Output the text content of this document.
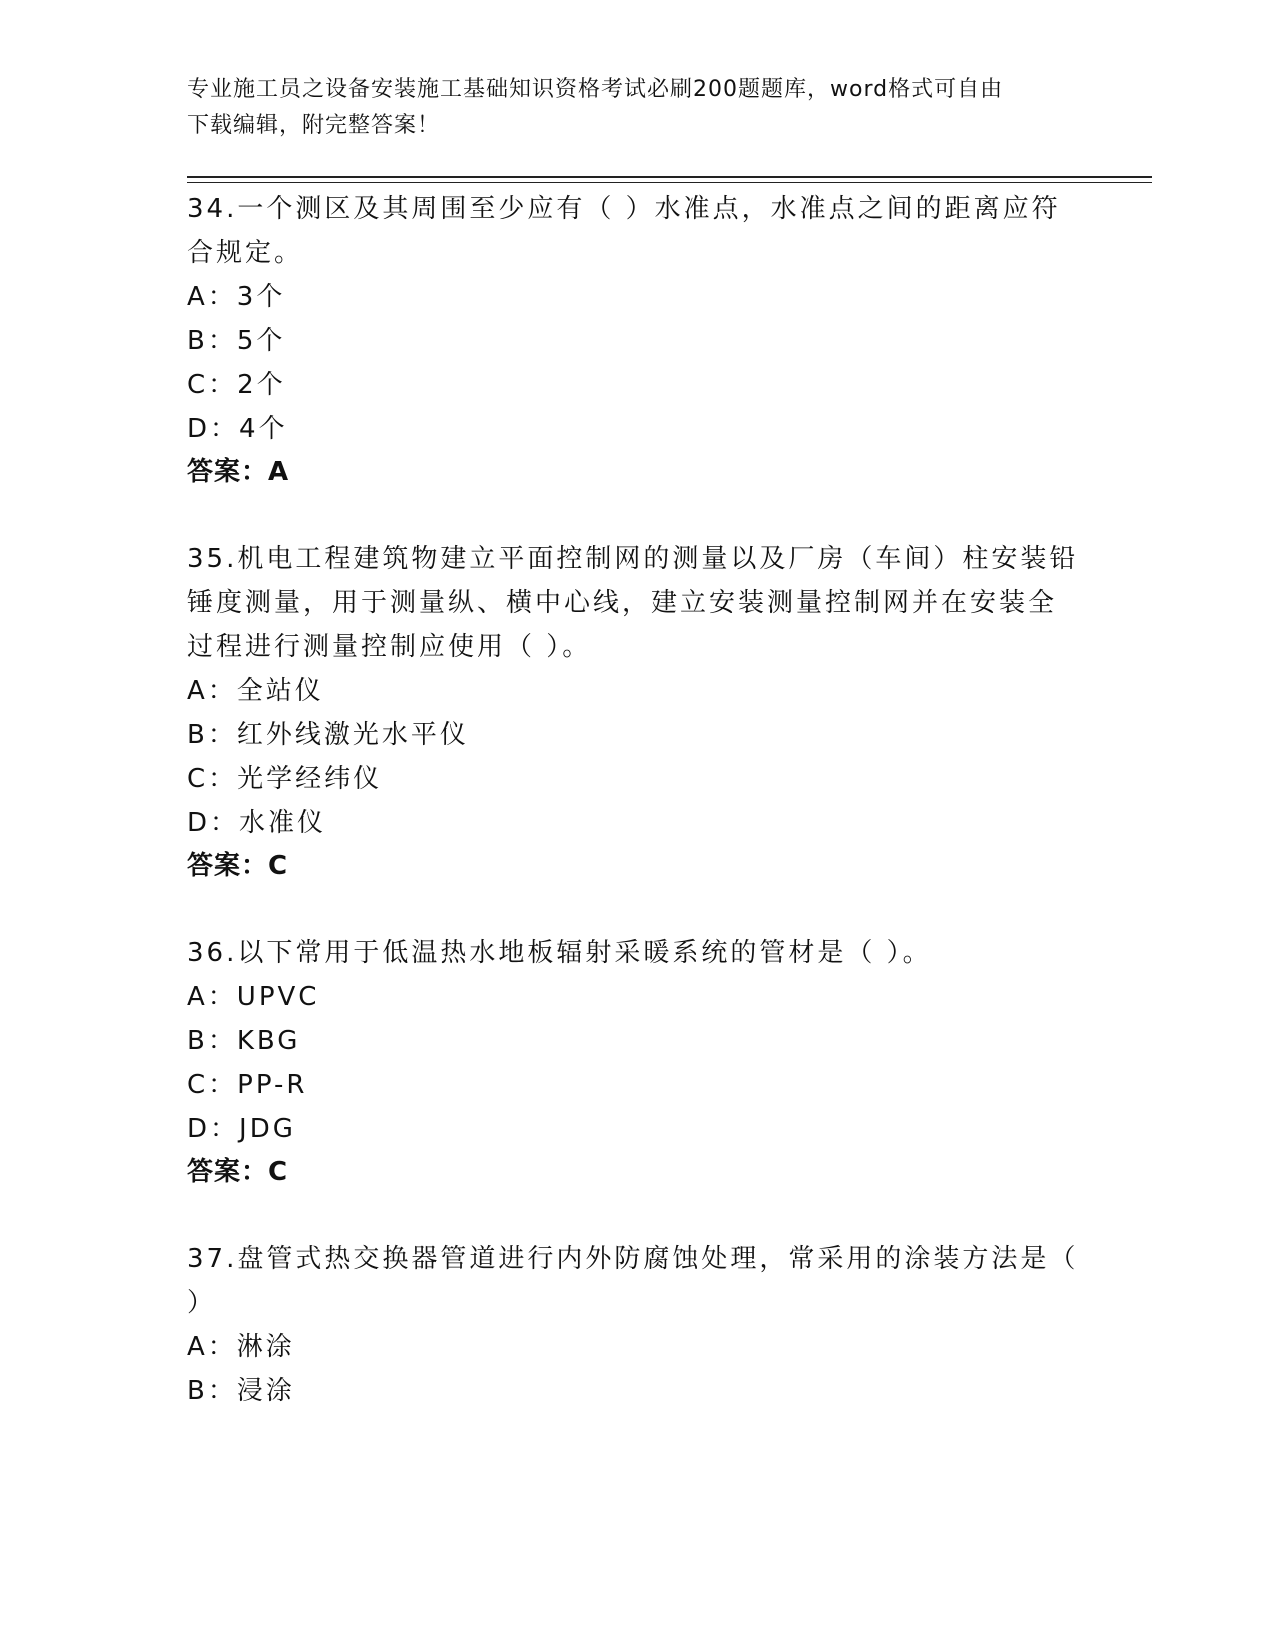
专业施工员之设备安装施工基础知识资格考试必刷200题题库，word格式可自由
下载编辑，附完整答案！
34.一个测区及其周围至少应有（ ）水准点，水准点之间的距离应符
合规定。
A：3个
B：5个
C：2个
D：4个
答案：A
35.机电工程建筑物建立平面控制网的测量以及厂房（车间）柱安装铅
锤度测量，用于测量纵、横中心线，建立安装测量控制网并在安装全
过程进行测量控制应使用（ ）。
A：全站仪
B：红外线激光水平仪
C：光学经纬仪
D：水准仪
答案：C
36.以下常用于低温热水地板辐射采暖系统的管材是（ ）。
A：UPVC
B：KBG
C：PP-R
D：JDG
答案：C
37.盘管式热交换器管道进行内外防腐蚀处理，常采用的涂装方法是（
）
A：淋涂
B：浸涂
